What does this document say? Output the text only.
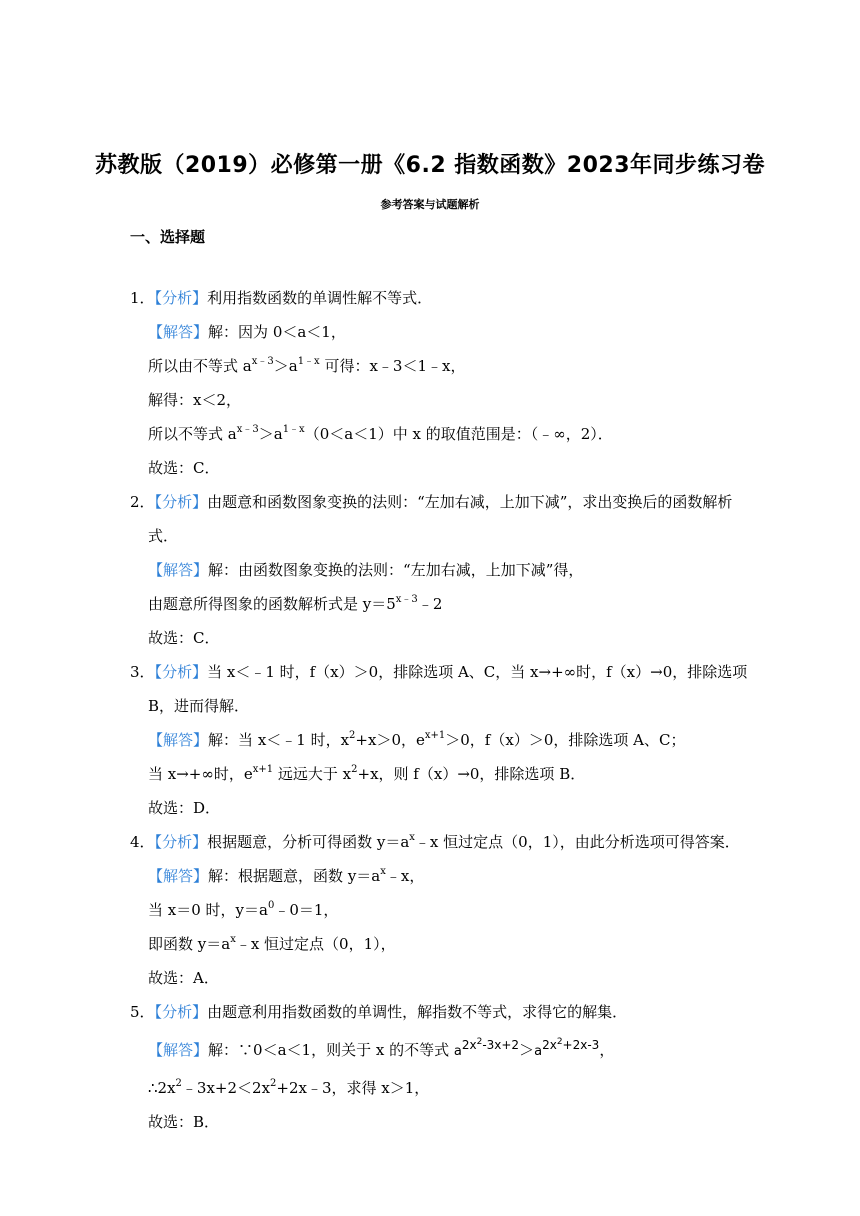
苏教版（2019）必修第一册《6.2 指数函数》2023年同步练习卷
参考答案与试题解析
一、选择题
1．【分析】利用指数函数的单调性解不等式．
【解答】解：因为 0＜a＜1，
所以由不等式 $a^{x﹣3}>a^{1﹣x}$ 可得：x﹣3＜1﹣x，
解得：x＜2，
所以不等式 $a^{x﹣3}>a^{1﹣x}(0<a<1)$中 x 的取值范围是：（﹣∞，2）．
故选：C．
2．【分析】由题意和函数图象变换的法则：“左加右减，上加下减”，求出变换后的函数解析
式．
【解答】解：由函数图象变换的法则：“左加右减，上加下减”得，
由题意所得图象的函数解析式是 $y=5^{x﹣3}﹣2$
故选：C．
3．【分析】当 x＜﹣1 时，f（x）＞0，排除选项 A、C，当 x→+∞时，f（x）→0，排除选项
B，进而得解．
【解答】解：当 x＜﹣1 时，$x^2+x>0$，$e^{x+1}>0$，f（x）＞0，排除选项 A、C；
当 x→+∞时，$e^{x+1}$ 远远大于 $x^2+x$，则 f（x）→0，排除选项 B．
故选：D．
4．【分析】根据题意，分析可得函数 $y=a^x﹣x$ 恒过定点（0，1），由此分析选项可得答案．
【解答】解：根据题意，函数 $y=a^x﹣x$，
当 x＝0 时，$y=a^0﹣0=1$，
即函数 $y=a^x﹣x$ 恒过定点（0，1），
故选：A．
5．【分析】由题意利用指数函数的单调性，解指数不等式，求得它的解集．
【解答】解：∵0＜a＜1，则关于 x 的不等式 $a^{2x^2-3x+2}>a^{2x^2+2x-3}$，
$\therefore 2x^2﹣3x+2<2x^2+2x﹣3$，求得 x＞1，
故选：B．
